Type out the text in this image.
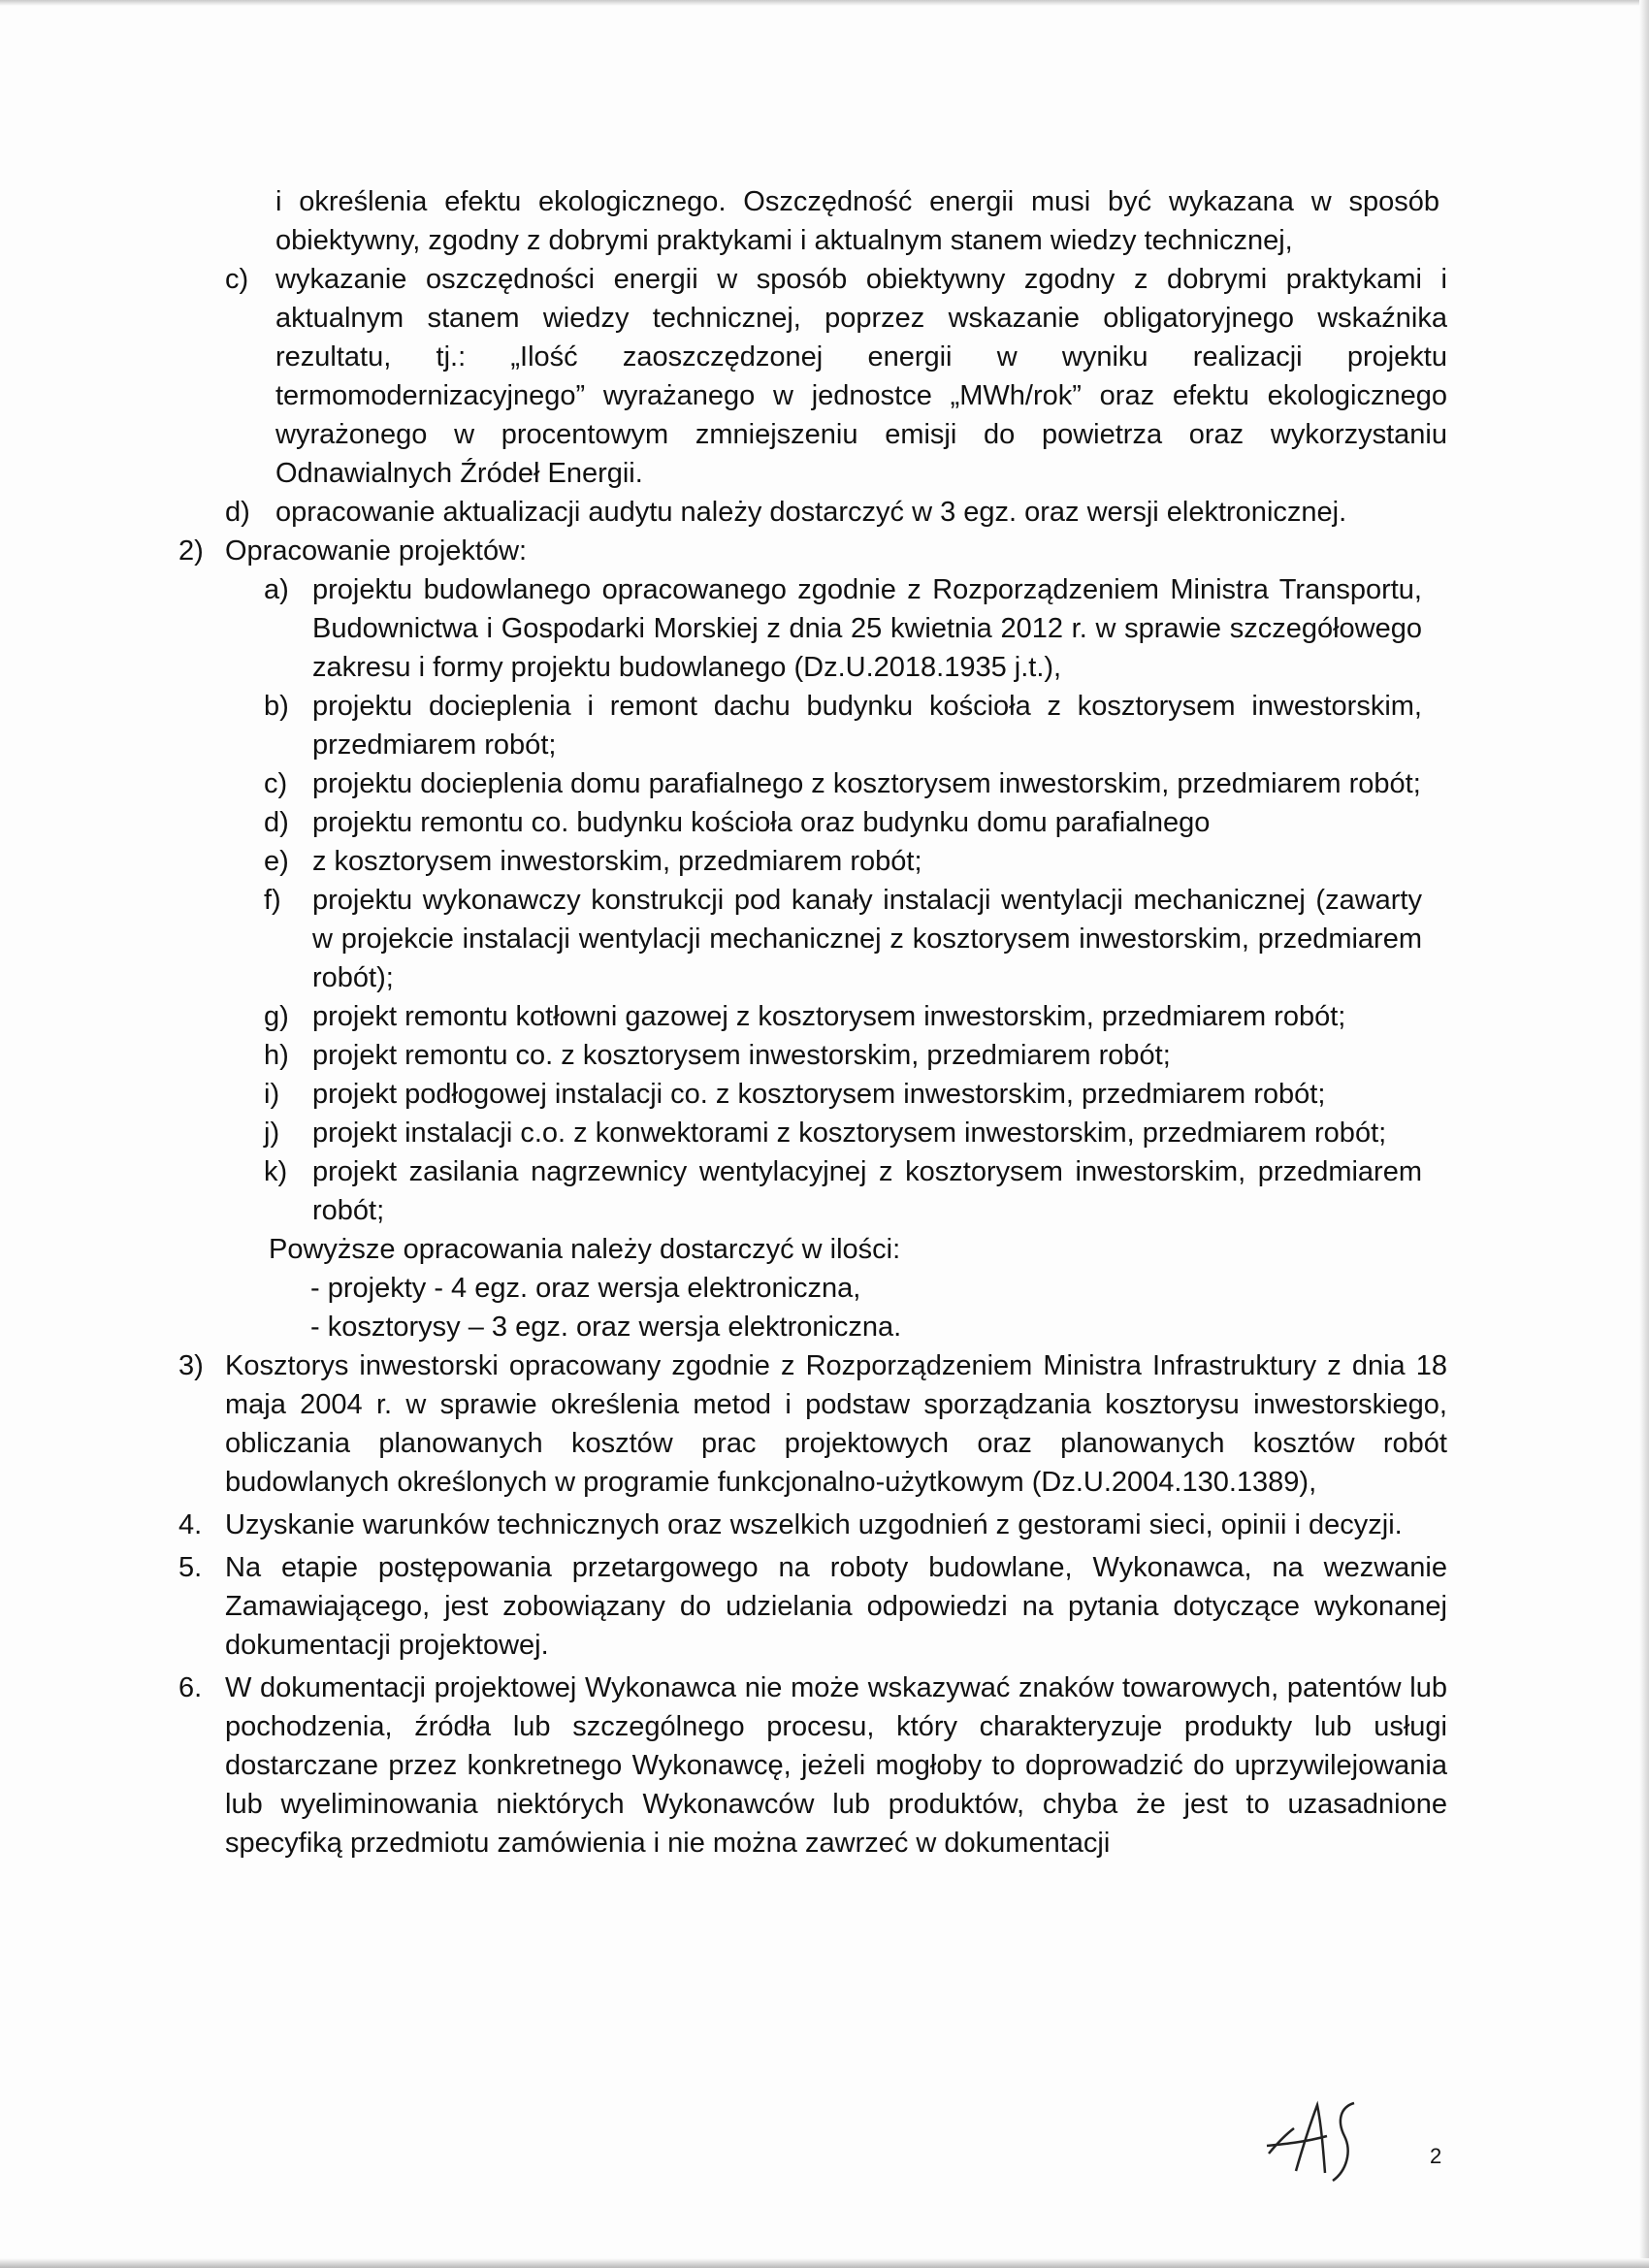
i określenia efektu ekologicznego. Oszczędność energii musi być wykazana w sposób obiektywny, zgodny z dobrymi praktykami i aktualnym stanem wiedzy technicznej,
c) wykazanie oszczędności energii w sposób obiektywny zgodny z dobrymi praktykami i aktualnym stanem wiedzy technicznej, poprzez wskazanie obligatoryjnego wskaźnika rezultatu, tj.: „Ilość zaoszczędzonej energii w wyniku realizacji projektu termomodernizacyjnego” wyrażanego w jednostce „MWh/rok” oraz efektu ekologicznego wyrażonego w procentowym zmniejszeniu emisji do powietrza oraz wykorzystaniu Odnawialnych Źródeł Energii.
d) opracowanie aktualizacji audytu należy dostarczyć w 3 egz. oraz wersji elektronicznej.
2) Opracowanie projektów:
a) projektu budowlanego opracowanego zgodnie z Rozporządzeniem Ministra Transportu, Budownictwa i Gospodarki Morskiej z dnia 25 kwietnia 2012 r. w sprawie szczegółowego zakresu i formy projektu budowlanego (Dz.U.2018.1935 j.t.),
b) projektu docieplenia i remont dachu budynku kościoła z kosztorysem inwestorskim, przedmiarem robót;
c) projektu docieplenia domu parafialnego z kosztorysem inwestorskim, przedmiarem robót;
d) projektu remontu co. budynku kościoła oraz budynku domu parafialnego
e) z kosztorysem inwestorskim, przedmiarem robót;
f) projektu wykonawczy konstrukcji pod kanały instalacji wentylacji mechanicznej (zawarty w projekcie instalacji wentylacji mechanicznej z kosztorysem inwestorskim, przedmiarem robót);
g) projekt remontu kotłowni gazowej z kosztorysem inwestorskim, przedmiarem robót;
h) projekt remontu co. z kosztorysem inwestorskim, przedmiarem robót;
i) projekt podłogowej instalacji co. z kosztorysem inwestorskim, przedmiarem robót;
j) projekt instalacji c.o. z konwektorami z kosztorysem inwestorskim, przedmiarem robót;
k) projekt zasilania nagrzewnicy wentylacyjnej z kosztorysem inwestorskim, przedmiarem robót;
Powyższe opracowania należy dostarczyć w ilości:
- projekty - 4 egz. oraz wersja elektroniczna,
- kosztorysy – 3 egz. oraz wersja elektroniczna.
3) Kosztorys inwestorski opracowany zgodnie z Rozporządzeniem Ministra Infrastruktury z dnia 18 maja 2004 r. w sprawie określenia metod i podstaw sporządzania kosztorysu inwestorskiego, obliczania planowanych kosztów prac projektowych oraz planowanych kosztów robót budowlanych określonych w programie funkcjonalno-użytkowym (Dz.U.2004.130.1389),
4. Uzyskanie warunków technicznych oraz wszelkich uzgodnień z gestorami sieci, opinii i decyzji.
5. Na etapie postępowania przetargowego na roboty budowlane, Wykonawca, na wezwanie Zamawiającego, jest zobowiązany do udzielania odpowiedzi na pytania dotyczące wykonanej dokumentacji projektowej.
6. W dokumentacji projektowej Wykonawca nie może wskazywać znaków towarowych, patentów lub pochodzenia, źródła lub szczególnego procesu, który charakteryzuje produkty lub usługi dostarczane przez konkretnego Wykonawcę, jeżeli mogłoby to doprowadzić do uprzywilejowania lub wyeliminowania niektórych Wykonawców lub produktów, chyba że jest to uzasadnione specyfiką przedmiotu zamówienia i nie można zawrzeć w dokumentacji
2
